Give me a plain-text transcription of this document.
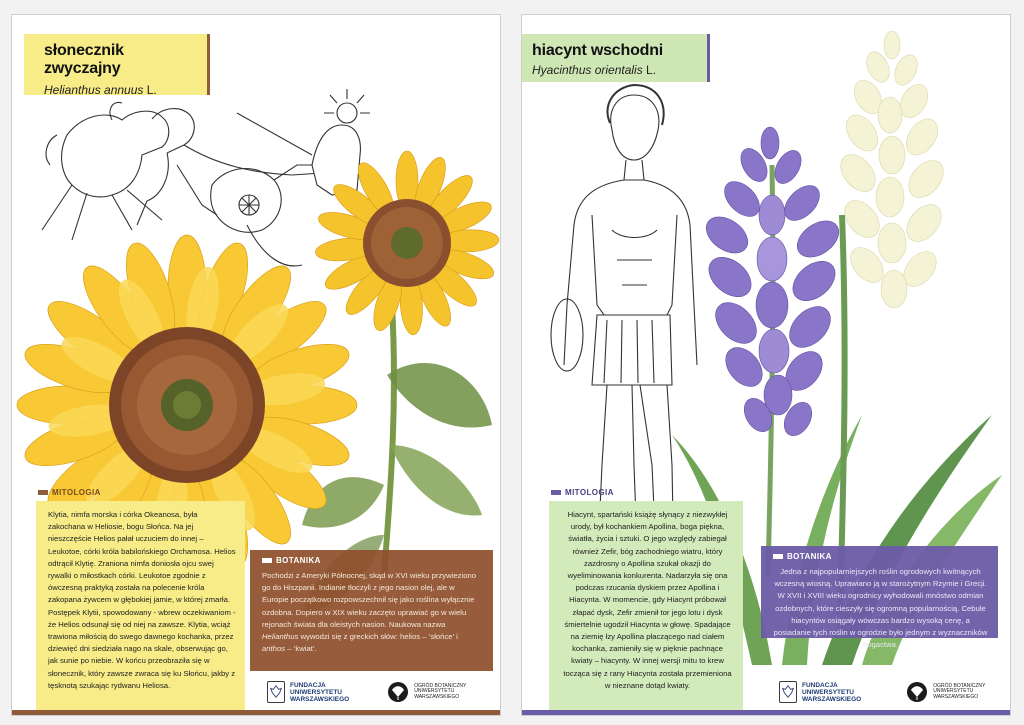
słonecznik zwyczajny
Helianthus annuus L.
MITOLOGIA

Klytia, nimfa morska i córka Okeanosa, była zakochana w Heliosie, bogu Słońca. Na jej nieszczęście Helios pałał uczuciem do innej – Leukotoe, córki króla babilońskiego Orchamosa. Helios odtrącił Klytię. Zraniona nimfa doniosła ojcu swej rywalki o miłostkach córki. Leukotoe zgodnie z ówczesną praktyką została na polecenie króla zakopana żywcem w głębokiej jamie, w której zmarła. Postępek Klytii, spowodowany - wbrew oczekiwaniom - że Helios odsunął się od niej na zawsze. Klytia, wciąż trawiona miłością do swego dawnego kochanka, przez dziewięć dni siedziała nago na skale, obserwując go, jak sunie po niebie. W końcu przeobraziła się w słonecznik, który zawsze zwraca się ku Słońcu, jakby z tęsknotą szukając rydwanu Heliosa.

BOTANIKA

Pochodzi z Ameryki Północnej, skąd w XVI wieku przywieziono go do Hiszpanii. Indianie tłoczyli z jego nasion olej, ale w Europie początkowo rozpowszechnił się jako roślina wyłącznie ozdobna. Dopiero w XIX wieku zaczęto uprawiać go w wielu rejonach świata dla oleistych nasion. Naukowa nazwa Helianthus wywodzi się z greckich słów: helios – ‘słońce’ i anthos – ‘kwiat’.

FUNDACJA
UNIWERSYTETU
WARSZAWSKIEGO
OGRÓD BOTANICZNY
UNIWERSYTETU
WARSZAWSKIEGO
hiacynt wschodni
Hyacinthus orientalis L.
MITOLOGIA

Hiacynt, spartański książę słynący z niezwykłej urody, był kochankiem Apollina, boga piękna, światła, życia i sztuki. O jego względy zabiegał również Zefir, bóg zachodniego wiatru, który zazdrosny o Apollina szukał okazji do wyeliminowania konkurenta. Nadarzyła się ona podczas rzucania dyskiem przez Apollina i Hiacynta. W momencie, gdy Hiacynt próbował złapać dysk, Zefir zmienił tor jego lotu i dysk śmiertelnie ugodził Hiacynta w głowę. Spadające na ziemię łzy Apollina płaczącego nad ciałem kochanka, zamieniły się w pięknie pachnące kwiaty – hiacynty. W innej wersji mitu to krew tocząca się z rany Hiacynta została przemieniona w nieznane dotąd kwiaty.

BOTANIKA

Jedna z najpopularniejszych roślin ogrodowych kwitnących wczesną wiosną. Uprawiano ją w starożytnym Rzymie i Grecji. W XVII i XVIII wieku ogrodnicy wyhodowali mnóstwo odmian ozdobnych, które cieszyły się ogromną popularnością. Cebule hiacyntów osiągały wówczas bardzo wysoką cenę, a posiadanie tych roślin w ogrodzie było jednym z wyznaczników bogactwa.

FUNDACJA
UNIWERSYTETU
WARSZAWSKIEGO
OGRÓD BOTANICZNY
UNIWERSYTETU
WARSZAWSKIEGO
